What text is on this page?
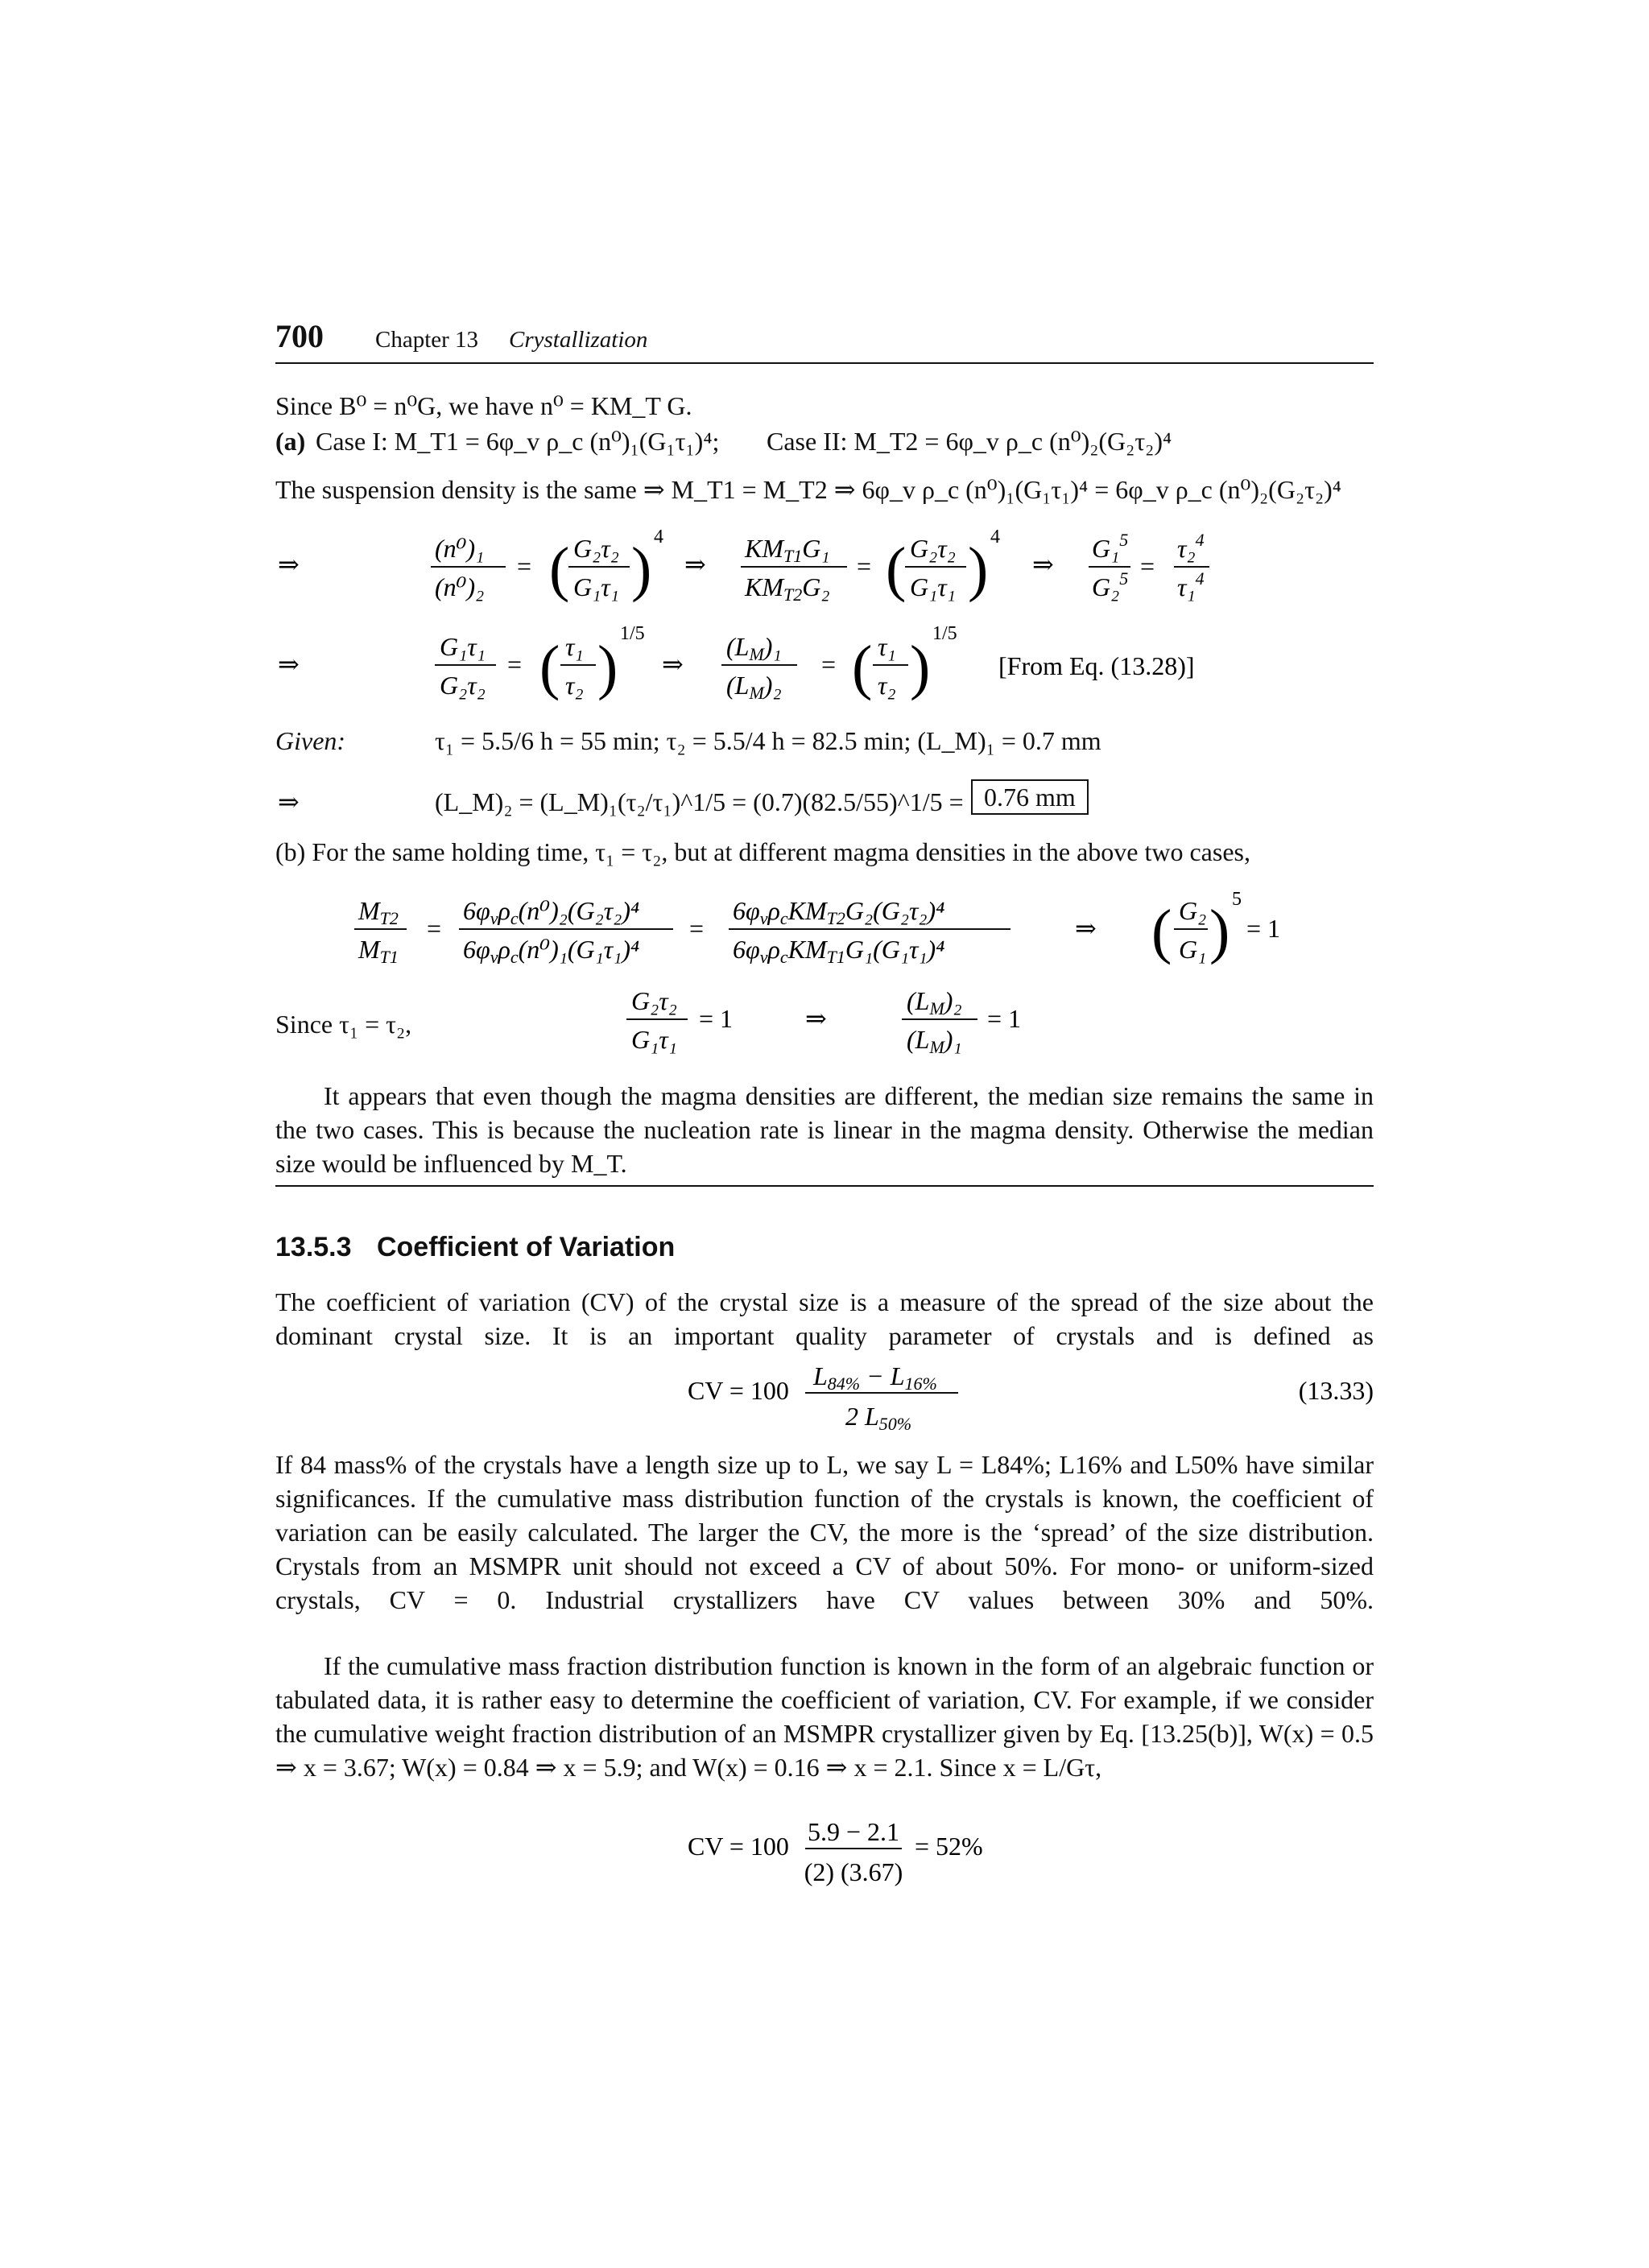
700 Chapter 13 Crystallization
Since B⁰ = n⁰G, we have n⁰ = KM_T G.
(a) Case I: M_T1 = 6φ_v ρ_c (n⁰)₁(G₁τ₁)⁴; Case II: M_T2 = 6φ_v ρ_c (n⁰)₂(G₂τ₂)⁴
The suspension density is the same ⇒ M_T1 = M_T2 ⇒ 6φ_v ρ_c (n⁰)₁(G₁τ₁)⁴ = 6φ_v ρ_c (n⁰)₂(G₂τ₂)⁴
⇒
(n⁰)₁
(n⁰)₂
= ( G₂τ₂
G₁τ₁ ) 4
⇒
KMT1G₁
KMT2G₂
= ( G₂τ₂
G₁τ₁ ) 4
⇒
G₁$^5$
G₂$^5$ =
τ₂$^4$
τ₁$^4$
⇒
G₁τ₁
G₂τ₂
= ( τ₁
τ₂ ) 1/5
⇒
(LM)₁
(LM)₂
= ( τ₁
τ₂ ) 1/5
[From Eq. (13.28)]
Given:	τ₁ = 5.5/6 h = 55 min; τ₂ = 5.5/4 h = 82.5 min; (L_M)₁ = 0.7 mm
⇒	(L_M)₂ = (L_M)₁(τ₂/τ₁)^1/5 = (0.7)(82.5/55)^1/5 = 0.76 mm
(b) For the same holding time, τ₁ = τ₂, but at different magma densities in the above two cases,
MT2
MT1
=
6φvρc(n⁰)₂(G₂τ₂)⁴
6φvρc(n⁰)₁(G₁τ₁)⁴
=
6φvρcKMT2G₂(G₂τ₂)⁴
6φvρcKMT1G₁(G₁τ₁)⁴
⇒ ( G₂
G₁ ) 5
= 1
G₂τ₂
G₁τ₁
= 1	⇒
(LM)₂
(LM)₁
= 1
Since τ₁ = τ₂,
It appears that even though the magma densities are different, the median size remains the same in the two cases. This is because the nucleation rate is linear in the magma density. Otherwise the median size would be influenced by M_T.
13.5.3 Coefficient of Variation
The coefficient of variation (CV) of the crystal size is a measure of the spread of the size about the dominant crystal size. It is an important quality parameter of crystals and is defined as
CV = 100 L84% − L16%
2 L50%
(13.33)
If 84 mass% of the crystals have a length size up to L, we say L = L84%; L16% and L50% have similar significances. If the cumulative mass distribution function of the crystals is known, the coefficient of variation can be easily calculated. The larger the CV, the more is the ‘spread’ of the size distribution. Crystals from an MSMPR unit should not exceed a CV of about 50%. For mono- or uniform-sized crystals, CV = 0. Industrial crystallizers have CV values between 30% and 50%.
If the cumulative mass fraction distribution function is known in the form of an algebraic function or tabulated data, it is rather easy to determine the coefficient of variation, CV. For example, if we consider the cumulative weight fraction distribution of an MSMPR crystallizer given by Eq. [13.25(b)], W(x) = 0.5 ⇒ x = 3.67; W(x) = 0.84 ⇒ x = 5.9; and W(x) = 0.16 ⇒ x = 2.1. Since x = L/Gτ,
CV = 100 5.9 − 2.1
(2) (3.67)
= 52%
